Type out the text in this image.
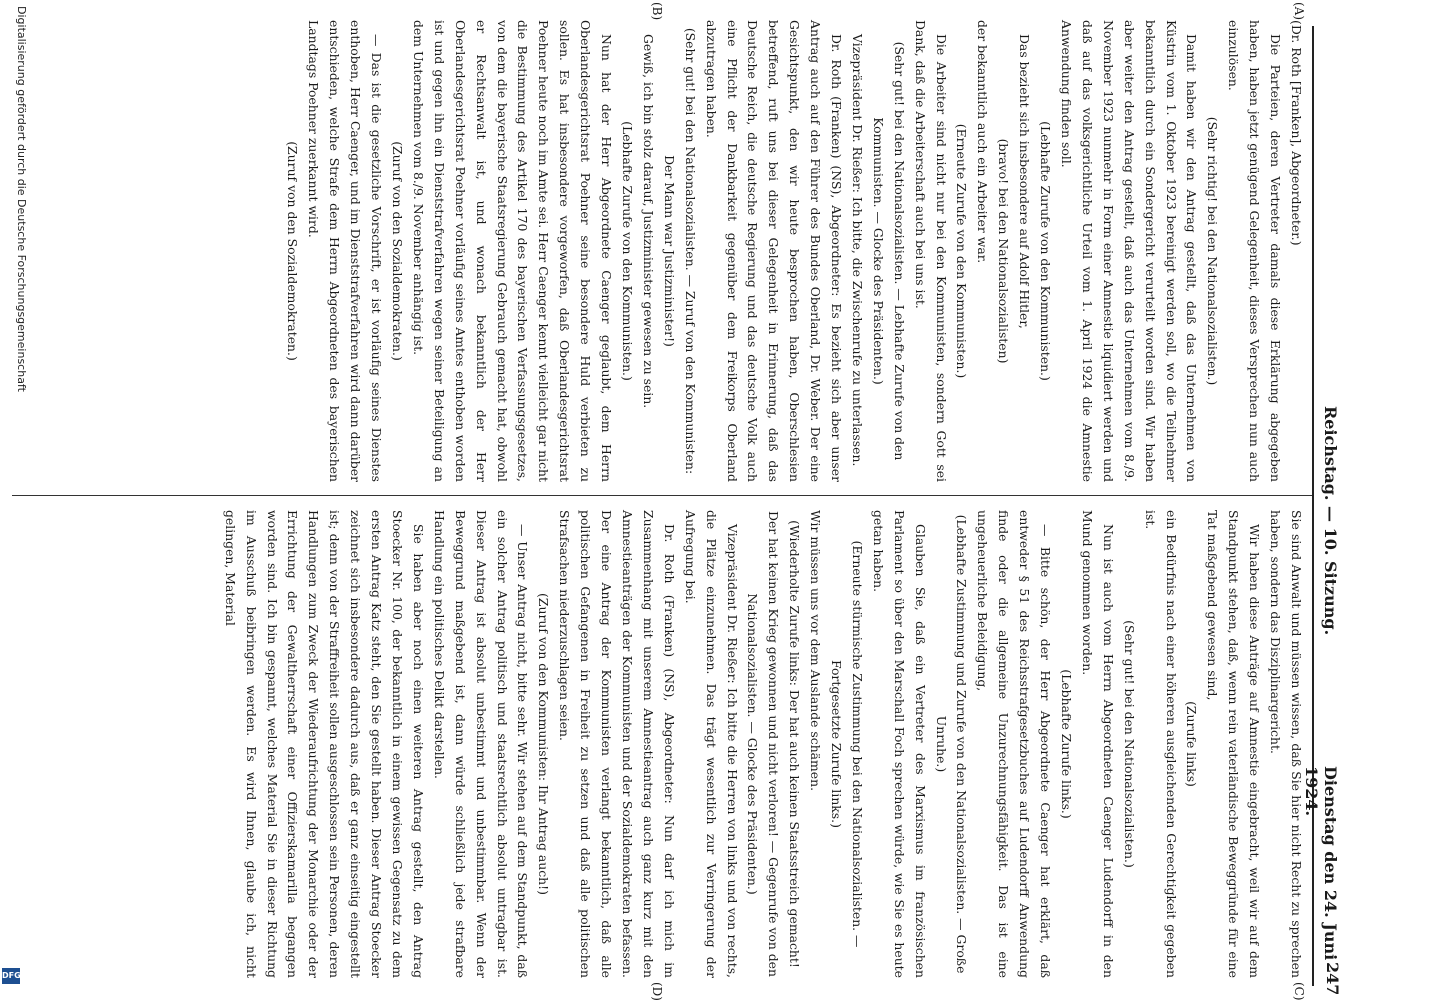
Reichstag. — 10. Sitzung.
Dienstag den 24. Juni 1924.
247
(A)
(B)
(C)
(D)

(Dr. Roth [Franken], Abgeordneter.)

Die Parteien, deren Vertreter damals diese Erklärung abgegeben haben, haben jetzt genügend Gelegenheit, dieses Versprechen nun auch einzulösen.

(Sehr richtig! bei den Nationalsozialisten.)

Damit haben wir den Antrag gestellt, daß das Unternehmen von Küstrin vom 1. Oktober 1923 bereinigt werden soll, wo die Teilnehmer bekanntlich durch ein Sondergericht verurteilt worden sind. Wir haben aber weiter den Antrag gestellt, daß auch das Unternehmen vom 8./9. November 1923 nunmehr in Form einer Amnestie liquidiert werden und daß auf das volksgerichtliche Urteil vom 1. April 1924 die Amnestie Anwendung finden soll.

(Lebhafte Zurufe von den Kommunisten.)

Das bezieht sich insbesondere auf Adolf Hitler,

(bravo! bei den Nationalsozialisten)

der bekanntlich auch ein Arbeiter war.

(Erneute Zurufe von den Kommunisten.)

Die Arbeiter sind nicht nur bei den Kommunisten, sondern Gott sei Dank, daß die Arbeiterschaft auch bei uns ist.

(Sehr gut! bei den Nationalsozialisten. — Lebhafte Zurufe von den Kommunisten. — Glocke des Präsidenten.)

Vizepräsident Dr. Rießer: Ich bitte, die Zwischenrufe zu unterlassen.

Dr. Roth (Franken) (NS), Abgeordneter: Es bezieht sich aber unser Antrag auch auf den Führer des Bundes Oberland, Dr. Weber. Der eine Gesichtspunkt, den wir heute besprochen haben, Oberschlesien betreffend, ruft uns bei dieser Gelegenheit in Erinnerung, daß das Deutsche Reich, die deutsche Regierung und das deutsche Volk auch eine Pflicht der Dankbarkeit gegenüber dem Freikorps Oberland abzutragen haben.

(Sehr gut! bei den Nationalsozialisten. — Zuruf von den Kommunisten: Der Mann war Justizminister!)

Gewiß, ich bin stolz darauf, Justizminister gewesen zu sein.

(Lebhafte Zurufe von den Kommunisten.)

Nun hat der Herr Abgeordnete Caenger geglaubt, dem Herrn Oberlandesgerichtsrat Poehner seine besondere Huld verbieten zu sollen. Es hat insbesondere vorgeworfen, daß Oberlandesgerichtsrat Poehner heute noch im Amte sei. Herr Caenger kennt vielleicht gar nicht die Bestimmung des Artikel 170 des bayerischen Verfassungsgesetzes, von dem die bayerische Staatsregierung Gebrauch gemacht hat, obwohl er Rechtsanwalt ist, und wonach bekanntlich der Herr Oberlandesgerichtsrat Poehner vorläufig seines Amtes enthoben worden ist und gegen ihn ein Dienststrafverfahren wegen seiner Beteiligung an dem Unternehmen vom 8./9. November anhängig ist.

(Zuruf von den Sozialdemokraten.)

— Das ist die gesetzliche Vorschrift, er ist vorläufig seines Dienstes enthoben, Herr Caenger, und im Dienststrafverfahren wird dann darüber entschieden, welche Strafe dem Herrn Abgeordneten des bayerischen Landtags Poehner zuerkannt wird.

(Zuruf von den Sozialdemokraten.)

Sie sind Anwalt und müssen wissen, daß Sie hier nicht Recht zu sprechen haben, sondern das Disziplinargericht.

Wir haben diese Anträge auf Amnestie eingebracht, weil wir auf dem Standpunkt stehen, daß, wenn rein vaterländische Beweggründe für eine Tat maßgebend gewesen sind,

(Zurufe links)

ein Bedürfnis nach einer höheren ausgleichenden Gerechtigkeit gegeben ist.

(Sehr gut! bei den Nationalsozialisten.)

Nun ist auch vom Herrn Abgeordneten Caenger Ludendorff in den Mund genommen worden.

(Lebhafte Zurufe links.)

— Bitte schön, der Herr Abgeordnete Caenger hat erklärt, daß entweder § 51 des Reichsstrafgesetzbuches auf Ludendorff Anwendung finde oder die allgemeine Unzurechnungsfähigkeit. Das ist eine ungeheuerliche Beleidigung,

(Lebhafte Zustimmung und Zurufe von den Nationalsozialisten. — Große Unruhe.)

Glauben Sie, daß ein Vertreter des Marxismus im französischen Parlament so über den Marschall Foch sprechen würde, wie Sie es heute getan haben.

(Erneute stürmische Zustimmung bei den Nationalsozialisten. — Fortgesetzte Zurufe links.)

Wir müssen uns vor dem Auslande schämen.

(Wiederholte Zurufe links: Der hat auch keinen Staatsstreich gemacht! Der hat keinen Krieg gewonnen und nicht verloren! — Gegenrufe von den Nationalsozialisten. — Glocke des Präsidenten.)

Vizepräsident Dr. Rießer: Ich bitte die Herren von links und von rechts, die Plätze einzunehmen. Das trägt wesentlich zur Verringerung der Aufregung bei.

Dr. Roth (Franken) (NS), Abgeordneter: Nun darf ich mich im Zusammenhang mit unserem Amnestieantrag auch ganz kurz mit den Amnestieanträgen der Kommunisten und der Sozialdemokraten befassen. Der eine Antrag der Kommunisten verlangt bekanntlich, daß alle politischen Gefangenen in Freiheit zu setzen und daß alle politischen Strafsachen niederzuschlagen seien.

(Zuruf von den Kommunisten: Ihr Antrag auch!)

— Unser Antrag nicht, bitte sehr. Wir stehen auf dem Standpunkt, daß ein solcher Antrag politisch und staatsrechtlich absolut untragbar ist. Dieser Antrag ist absolut unbestimmt und unbestimmbar. Wenn der Beweggrund maßgebend ist, dann würde schließlich jede strafbare Handlung ein politisches Delikt darstellen.

Sie haben aber noch einen weiteren Antrag gestellt, den Antrag Stoecker Nr. 100, der bekanntlich in einem gewissen Gegensatz zu dem ersten Antrag Katz steht, den Sie gestellt haben. Dieser Antrag Stoecker zeichnet sich insbesondere dadurch aus, daß er ganz einseitig eingestellt ist; denn von der Straffreiheit sollen ausgeschlossen sein Personen, deren Handlungen zum Zweck der Wiederaufrichtung der Monarchie oder der Errichtung der Gewaltherrschaft einer Offizierskamarilla begangen worden sind. Ich bin gespannt, welches Material Sie in dieser Richtung im Ausschuß beibringen werden. Es wird Ihnen, glaube ich, nicht gelingen, Material

Digitalisierung gefördert durch die Deutsche Forschungsgemeinschaft
DFG
